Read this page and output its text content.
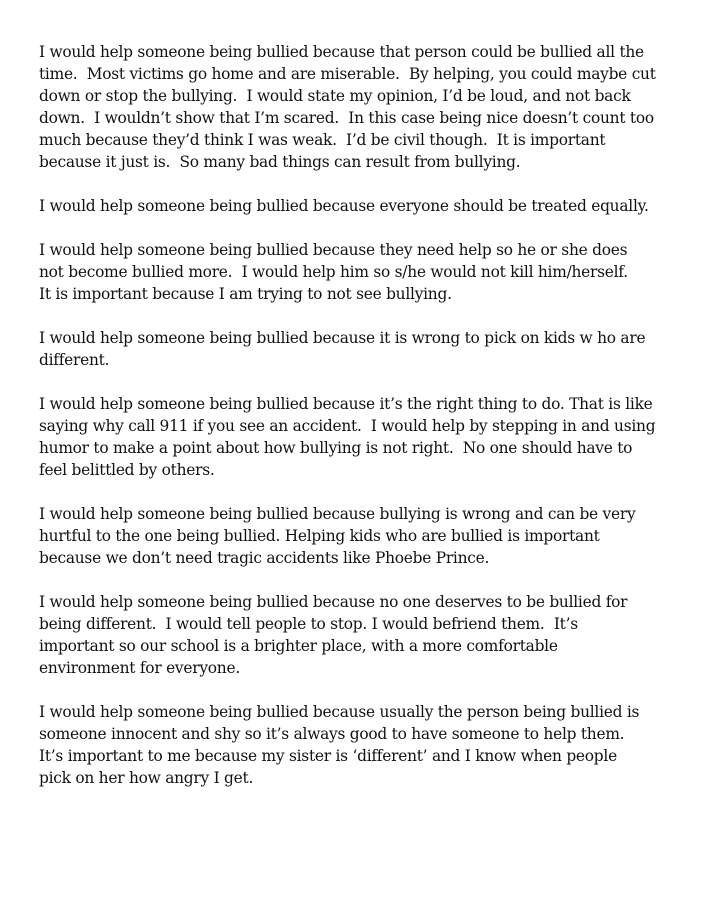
I would help someone being bullied because that person could be bullied all the
time.  Most victims go home and are miserable.  By helping, you could maybe cut
down or stop the bullying.  I would state my opinion, I’d be loud, and not back
down.  I wouldn’t show that I’m scared.  In this case being nice doesn’t count too
much because they’d think I was weak.  I’d be civil though.  It is important
because it just is.  So many bad things can result from bullying.

I would help someone being bullied because everyone should be treated equally.

I would help someone being bullied because they need help so he or she does
not become bullied more.  I would help him so s/he would not kill him/herself.
It is important because I am trying to not see bullying.

I would help someone being bullied because it is wrong to pick on kids w ho are
different.

I would help someone being bullied because it’s the right thing to do. That is like
saying why call 911 if you see an accident.  I would help by stepping in and using
humor to make a point about how bullying is not right.  No one should have to
feel belittled by others.

I would help someone being bullied because bullying is wrong and can be very
hurtful to the one being bullied. Helping kids who are bullied is important
because we don’t need tragic accidents like Phoebe Prince.

I would help someone being bullied because no one deserves to be bullied for
being different.  I would tell people to stop. I would befriend them.  It’s
important so our school is a brighter place, with a more comfortable
environment for everyone.

I would help someone being bullied because usually the person being bullied is
someone innocent and shy so it’s always good to have someone to help them.
It’s important to me because my sister is ‘different’ and I know when people
pick on her how angry I get.
